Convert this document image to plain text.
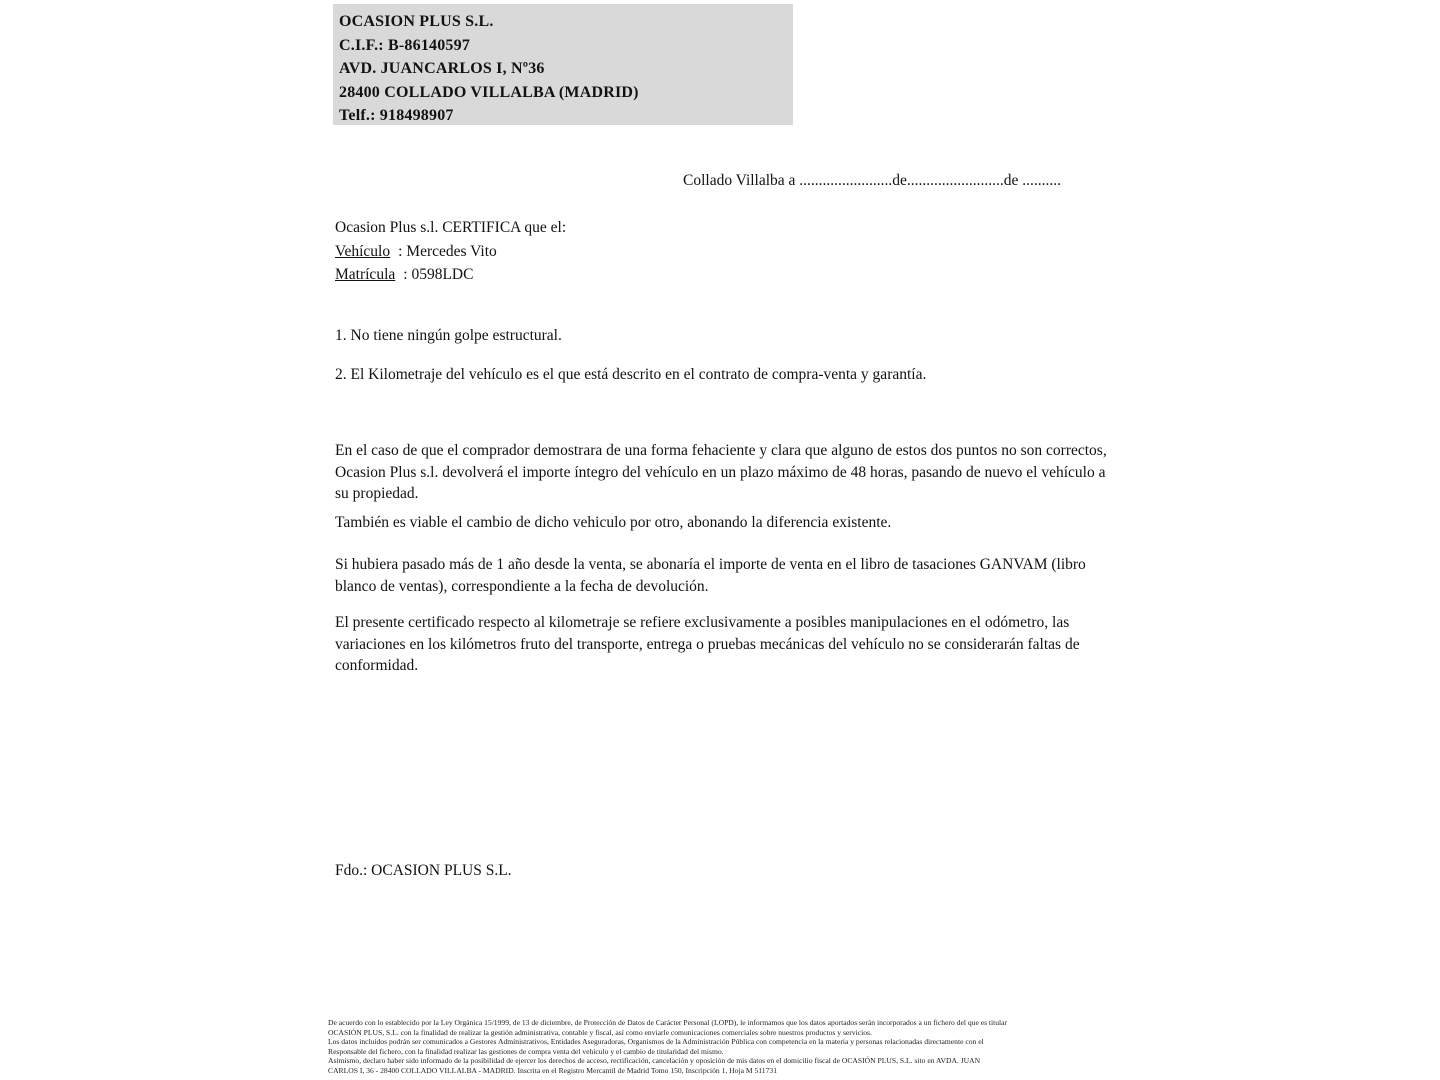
OCASION PLUS S.L.
C.I.F.: B-86140597
AVD. JUANCARLOS I, Nº36
28400 COLLADO VILLALBA (MADRID)
Telf.: 918498907
Collado Villalba a ........................de.........................de ..........
Ocasion Plus s.l. CERTIFICA que el:
Vehículo : Mercedes Vito
Matrícula : 0598LDC
1. No tiene ningún golpe estructural.
2. El Kilometraje del vehículo es el que está descrito en el contrato de compra-venta y garantía.
En el caso de que el comprador demostrara de una forma fehaciente y clara que alguno de estos dos puntos no son correctos, Ocasion Plus s.l. devolverá el importe íntegro del vehículo en un plazo máximo de 48 horas, pasando de nuevo el vehículo a su propiedad.
También es viable el cambio de dicho vehiculo por otro, abonando la diferencia existente.
Si hubiera pasado más de 1 año desde la venta, se abonaría el importe de venta en el libro de tasaciones GANVAM (libro blanco de ventas), correspondiente a la fecha de devolución.
El presente certificado respecto al kilometraje se refiere exclusivamente a posibles manipulaciones en el odómetro, las variaciones en los kilómetros fruto del transporte, entrega o pruebas mecánicas del vehículo no se considerarán faltas de conformidad.
Fdo.: OCASION PLUS S.L.
De acuerdo con lo establecido por la Ley Orgánica 15/1999, de 13 de diciembre, de Protección de Datos de Carácter Personal (LOPD), le informamos que los datos aportados serán incorporados a un fichero del que es titular
OCASIÓN PLUS, S.L. con la finalidad de realizar la gestión administrativa, contable y fiscal, así como enviarle comunicaciones comerciales sobre nuestros productos y servicios.
Los datos incluidos podrán ser comunicados a Gestores Administrativos, Entidades Aseguradoras, Organismos de la Administración Pública con competencia en la materia y personas relacionadas directamente con el
Responsable del fichero, con la finalidad realizar las gestiones de compra venta del vehículo y el cambio de titularidad del mismo.
Asimismo, declaro haber sido informado de la posibilidad de ejercer los derechos de acceso, rectificación, cancelación y oposición de mis datos en el domicilio fiscal de OCASIÓN PLUS, S.L. sito en AVDA. JUAN
CARLOS I, 36 - 28400 COLLADO VILLALBA - MADRID. Inscrita en el Registro Mercantil de Madrid Tomo 150, Inscripción 1, Hoja M 511731
